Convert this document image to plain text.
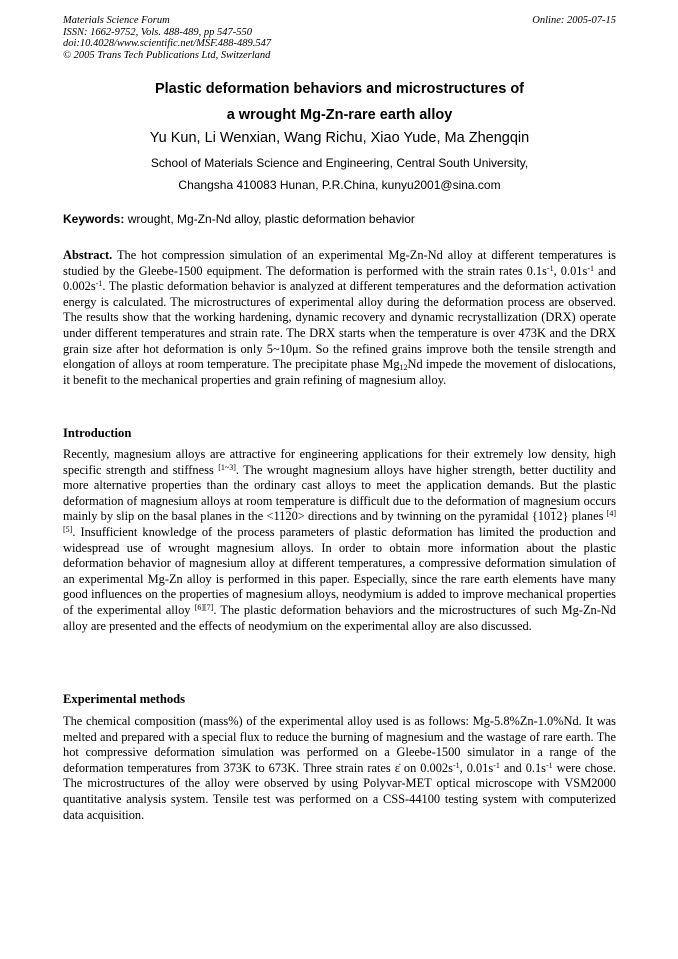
Materials Science Forum
ISSN: 1662-9752, Vols. 488-489, pp 547-550
doi:10.4028/www.scientific.net/MSF.488-489.547
© 2005 Trans Tech Publications Ltd, Switzerland
Online: 2005-07-15
Plastic deformation behaviors and microstructures of
a wrought Mg-Zn-rare earth alloy
Yu Kun, Li Wenxian, Wang Richu, Xiao Yude, Ma Zhengqin
School of Materials Science and Engineering, Central South University,
Changsha 410083 Hunan, P.R.China, kunyu2001@sina.com
Keywords: wrought, Mg-Zn-Nd alloy, plastic deformation behavior
Abstract. The hot compression simulation of an experimental Mg-Zn-Nd alloy at different temperatures is studied by the Gleebe-1500 equipment. The deformation is performed with the strain rates $0.1s^{-1}$, $0.01s^{-1}$ and $0.002s^{-1}$. The plastic deformation behavior is analyzed at different temperatures and the deformation activation energy is calculated. The microstructures of experimental alloy during the deformation process are observed. The results show that the working hardening, dynamic recovery and dynamic recrystallization (DRX) operate under different temperatures and strain rate. The DRX starts when the temperature is over 473K and the DRX grain size after hot deformation is only 5~10μm. So the refined grains improve both the tensile strength and elongation of alloys at room temperature. The precipitate phase $Mg_{12}Nd$ impede the movement of dislocations, it benefit to the mechanical properties and grain refining of magnesium alloy.
Introduction
Recently, magnesium alloys are attractive for engineering applications for their extremely low density, high specific strength and stiffness [1~3]. The wrought magnesium alloys have higher strength, better ductility and more alternative properties than the ordinary cast alloys to meet the application demands. But the plastic deformation of magnesium alloys at room temperature is difficult due to the deformation of magnesium occurs mainly by slip on the basal planes in the <1120> directions and by twinning on the pyramidal {1012} planes [4][5]. Insufficient knowledge of the process parameters of plastic deformation has limited the production and widespread use of wrought magnesium alloys. In order to obtain more information about the plastic deformation behavior of magnesium alloy at different temperatures, a compressive deformation simulation of an experimental Mg-Zn alloy is performed in this paper. Especially, since the rare earth elements have many good influences on the properties of magnesium alloys, neodymium is added to improve mechanical properties of the experimental alloy [6][7]. The plastic deformation behaviors and the microstructures of such Mg-Zn-Nd alloy are presented and the effects of neodymium on the experimental alloy are also discussed.
Experimental methods
The chemical composition (mass%) of the experimental alloy used is as follows: Mg-5.8%Zn-1.0%Nd. It was melted and prepared with a special flux to reduce the burning of magnesium and the wastage of rare earth. The hot compressive deformation simulation was performed on a Gleebe-1500 simulator in a range of the deformation temperatures from 373K to 673K. Three strain rates ε̇ on $0.002s^{-1}$, $0.01s^{-1}$ and $0.1s^{-1}$ were chose. The microstructures of the alloy were observed by using Polyvar-MET optical microscope with VSM2000 quantitative analysis system. Tensile test was performed on a CSS-44100 testing system with computerized data acquisition.
